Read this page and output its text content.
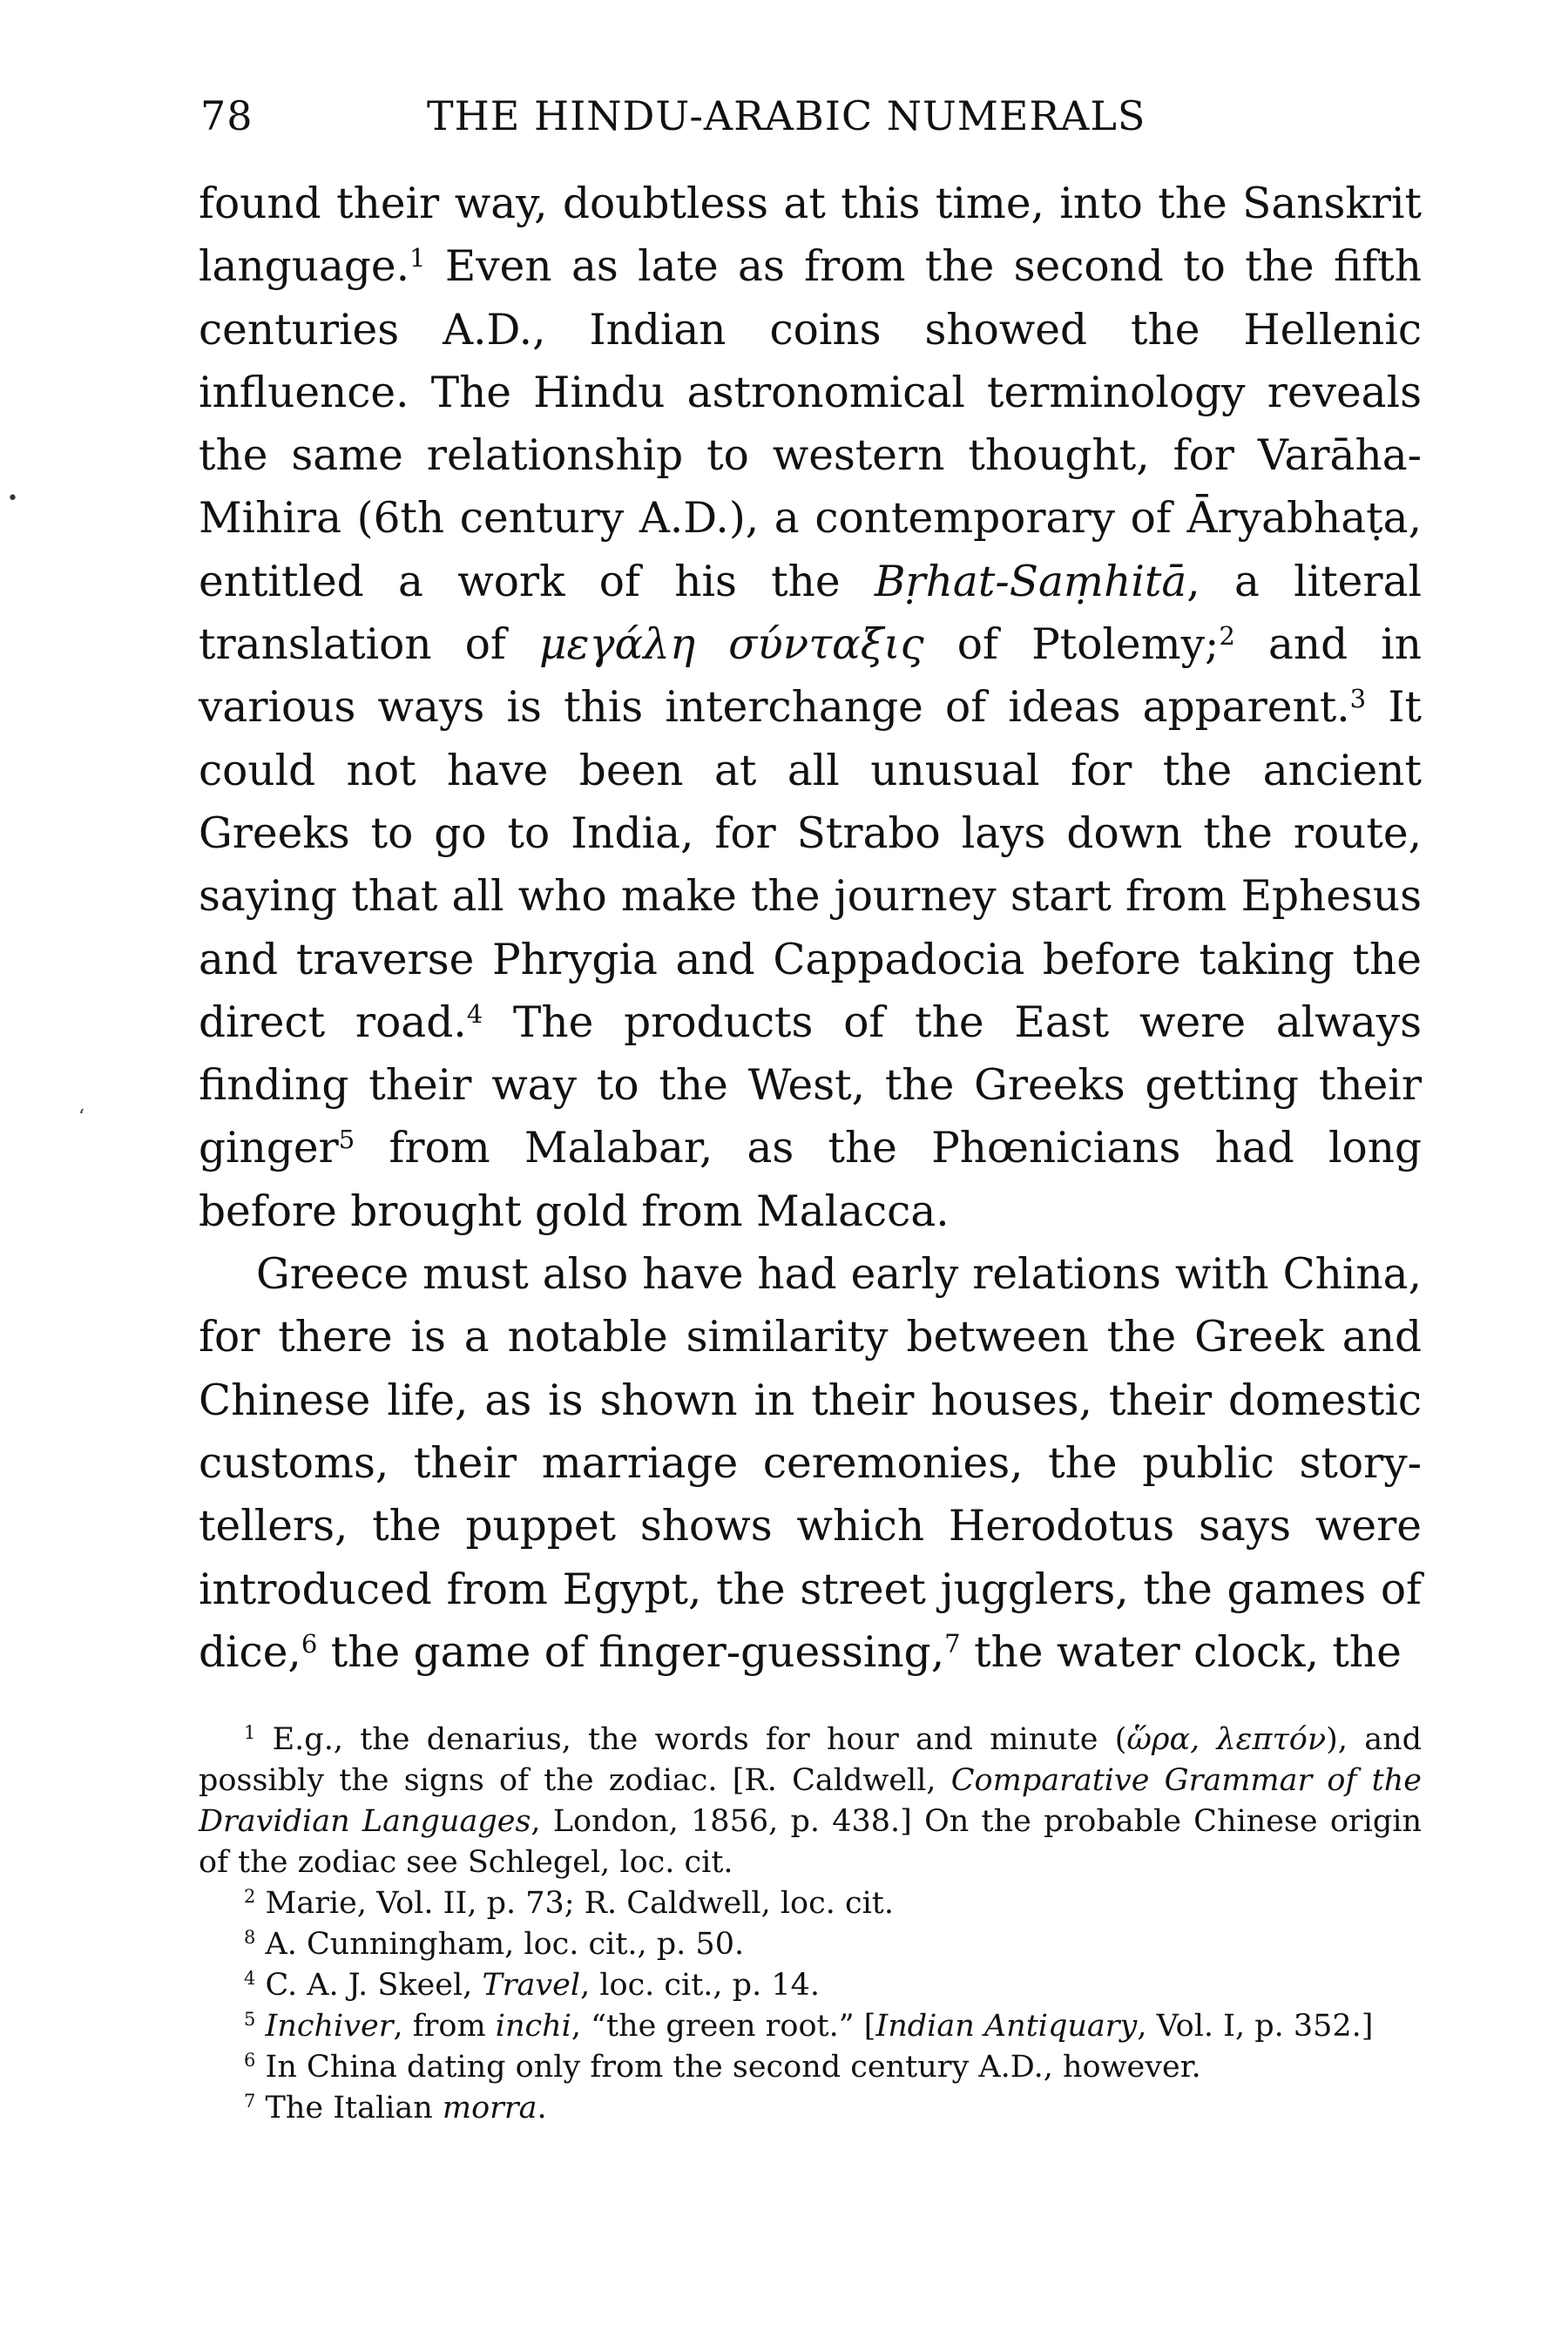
78	THE HINDU-ARABIC NUMERALS

found their way, doubtless at this time, into the Sanskrit language.$^1$ Even as late as from the second to the fifth centuries A.D., Indian coins showed the Hellenic influence. The Hindu astronomical terminology reveals the same relationship to western thought, for Varāha-Mihira (6th century A.D.), a contemporary of Āryabhaṭa, entitled a work of his the Bṛhat-Saṃhitā, a literal translation of μεγάλη σύνταξις of Ptolemy;$^2$ and in various ways is this interchange of ideas apparent.$^3$ It could not have been at all unusual for the ancient Greeks to go to India, for Strabo lays down the route, saying that all who make the journey start from Ephesus and traverse Phrygia and Cappadocia before taking the direct road.$^4$ The products of the East were always finding their way to the West, the Greeks getting their ginger$^5$ from Malabar, as the Phœnicians had long before brought gold from Malacca.

Greece must also have had early relations with China, for there is a notable similarity between the Greek and Chinese life, as is shown in their houses, their domestic customs, their marriage ceremonies, the public story-tellers, the puppet shows which Herodotus says were introduced from Egypt, the street jugglers, the games of dice,$^6$ the game of finger-guessing,$^7$ the water clock, the

$^1$ E.g., the denarius, the words for hour and minute (ὥρα, λεπτόν), and possibly the signs of the zodiac. [R. Caldwell, Comparative Grammar of the Dravidian Languages, London, 1856, p. 438.] On the probable Chinese origin of the zodiac see Schlegel, loc. cit.

$^2$ Marie, Vol. II, p. 73; R. Caldwell, loc. cit.

$^8$ A. Cunningham, loc. cit., p. 50.

$^4$ C. A. J. Skeel, Travel, loc. cit., p. 14.

$^5$ Inchiver, from inchi, “the green root.” [Indian Antiquary, Vol. I, p. 352.]

$^6$ In China dating only from the second century A.D., however.

$^7$ The Italian morra.

•
ʻ
